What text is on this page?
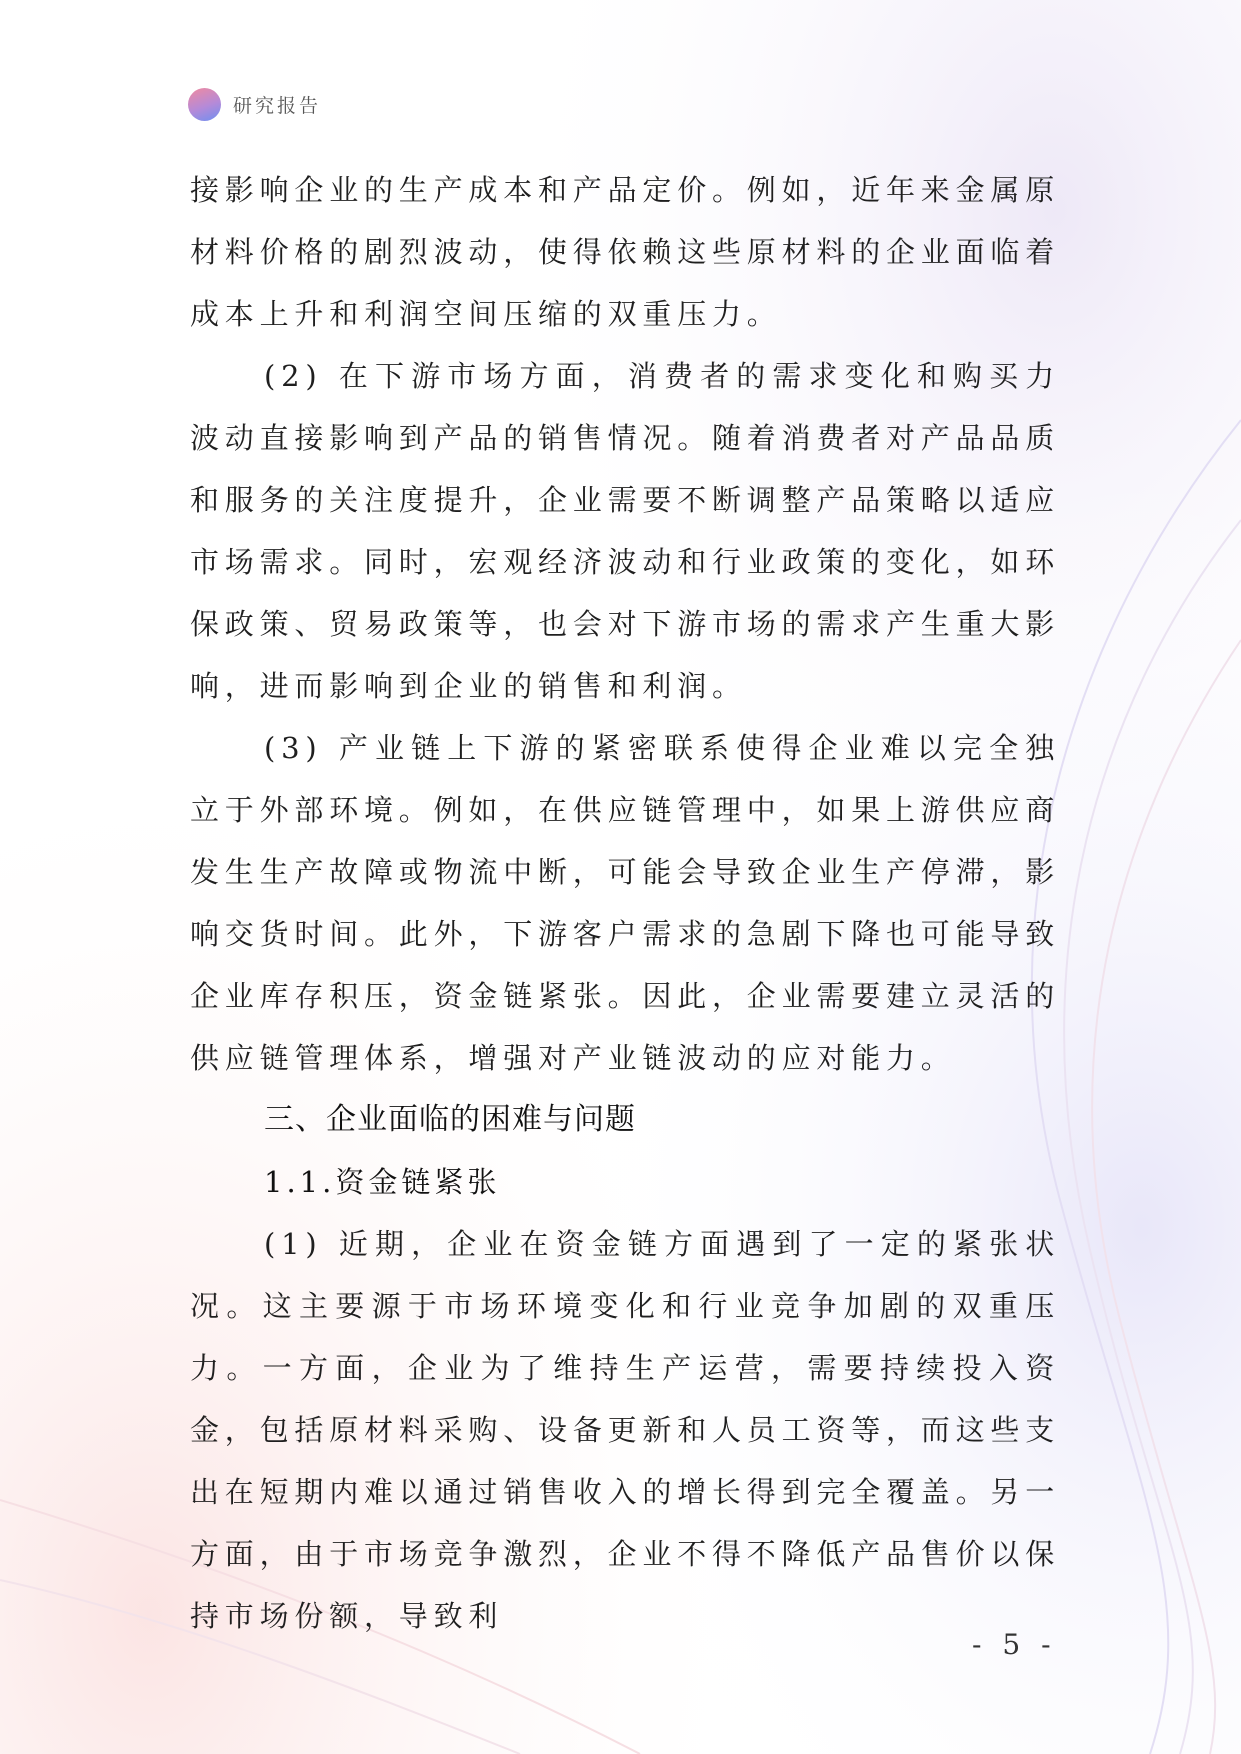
研究报告

接影响企业的生产成本和产品定价。例如，近年来金属原材料价格的剧烈波动，使得依赖这些原材料的企业面临着成本上升和利润空间压缩的双重压力。

(2) 在下游市场方面，消费者的需求变化和购买力波动直接影响到产品的销售情况。随着消费者对产品品质和服务的关注度提升，企业需要不断调整产品策略以适应市场需求。同时，宏观经济波动和行业政策的变化，如环保政策、贸易政策等，也会对下游市场的需求产生重大影响，进而影响到企业的销售和利润。

(3) 产业链上下游的紧密联系使得企业难以完全独立于外部环境。例如，在供应链管理中，如果上游供应商发生生产故障或物流中断，可能会导致企业生产停滞，影响交货时间。此外，下游客户需求的急剧下降也可能导致企业库存积压，资金链紧张。因此，企业需要建立灵活的供应链管理体系，增强对产业链波动的应对能力。

三、企业面临的困难与问题
1.1.资金链紧张

(1) 近期，企业在资金链方面遇到了一定的紧张状况。这主要源于市场环境变化和行业竞争加剧的双重压力。一方面，企业为了维持生产运营，需要持续投入资金，包括原材料采购、设备更新和人员工资等，而这些支出在短期内难以通过销售收入的增长得到完全覆盖。另一方面，由于市场竞争激烈，企业不得不降低产品售价以保持市场份额，导致利

- 5 -
